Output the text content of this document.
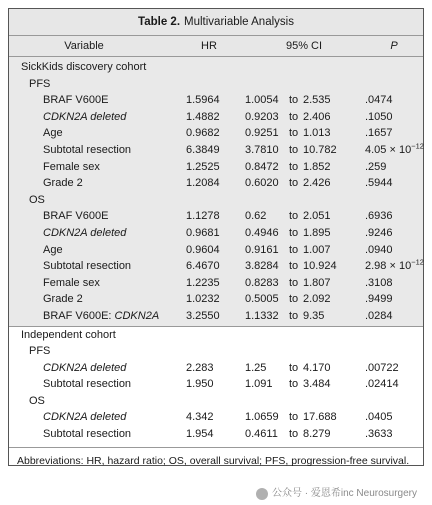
Table 2. Multivariable Analysis
Variable	HR	95% CI	P
SickKids discovery cohort
PFS
BRAF V600E	1.5964 1.0054 to 2.535	.0474
CDKN2A deleted	1.4882 0.9203 to 2.406	.1050
Age	0.9682 0.9251 to 1.013	.1657
Subtotal resection	6.3849 3.7810 to 10.782	$4.05 \times 10^{-12}$
Female sex	1.2525 0.8472 to 1.852	.259
Grade 2	1.2084 0.6020 to 2.426	.5944
OS
BRAF V600E	1.1278 0.62 to 2.051	.6936
CDKN2A deleted	0.9681 0.4946 to 1.895	.9246
Age	0.9604 0.9161 to 1.007	.0940
Subtotal resection	6.4670 3.8284 to 10.924	$2.98 \times 10^{-12}$
Female sex	1.2235 0.8283 to 1.807	.3108
Grade 2	1.0232 0.5005 to 2.092	.9499
BRAF V600E: CDKN2A 3.2550 1.1332 to 9.35	.0284
Independent cohort
PFS
CDKN2A deleted	2.283	1.25 to 4.170	.00722
Subtotal resection	1.950	1.091 to 3.484	.02414
OS
CDKN2A deleted	4.342	1.0659 to 17.688	.0405
Subtotal resection	1.954	0.4611 to 8.279	.3633
Abbreviations: HR, hazard ratio; OS, overall survival; PFS, progression-free survival.
公众号 · 爱恩希inc Neurosurgery
